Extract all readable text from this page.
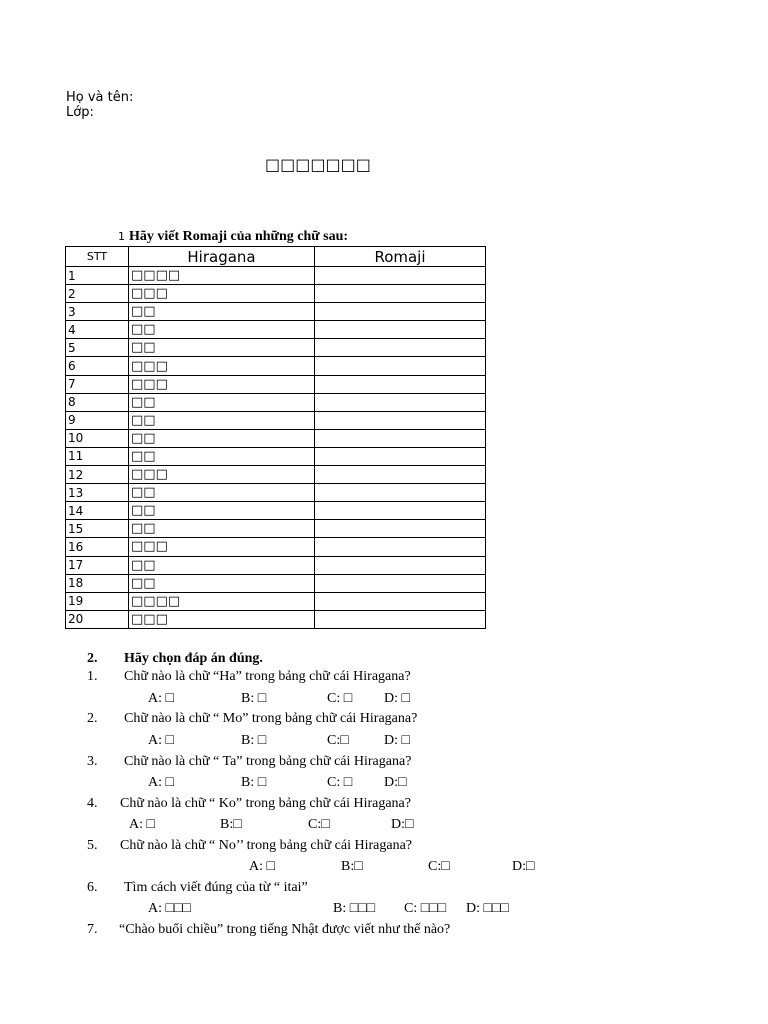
Họ và tên:
Lớp:
□□□□□□□
1 Hãy viết Romaji của những chữ sau:
STT	Hiragana	Romaji
1	□□□□	
2	□□□	
3	□□	
4	□□	
5	□□	
6	□□□	
7	□□□	
8	□□	
9	□□	
10	□□	
11	□□	
12	□□□	
13	□□	
14	□□	
15	□□	
16	□□□	
17	□□	
18	□□	
19	□□□□	
20	□□□	
2. Hãy chọn đáp án đúng.
1. Chữ nào là chữ “Ha” trong bảng chữ cái Hiragana?
A: □	B: □	C: □ D: □
2. Chữ nào là chữ “ Mo” trong bảng chữ cái Hiragana?
A: □	B: □	C:□	D: □
3. Chữ nào là chữ “ Ta” trong bảng chữ cái Hiragana?
A: □	B: □	C: □ D:□
4. Chữ nào là chữ “ Ko” trong bảng chữ cái Hiragana?
A: □	B:□	C:□	D:□
5. Chữ nào là chữ “ No’’ trong bảng chữ cái Hiragana?
A: □	B:□	C:□	D:□
6. Tìm cách viết đúng của từ “ itai”
A: □□□	B: □□□ C: □□□ D: □□□
7. “Chào buổi chiều” trong tiếng Nhật được viết như thế nào?
